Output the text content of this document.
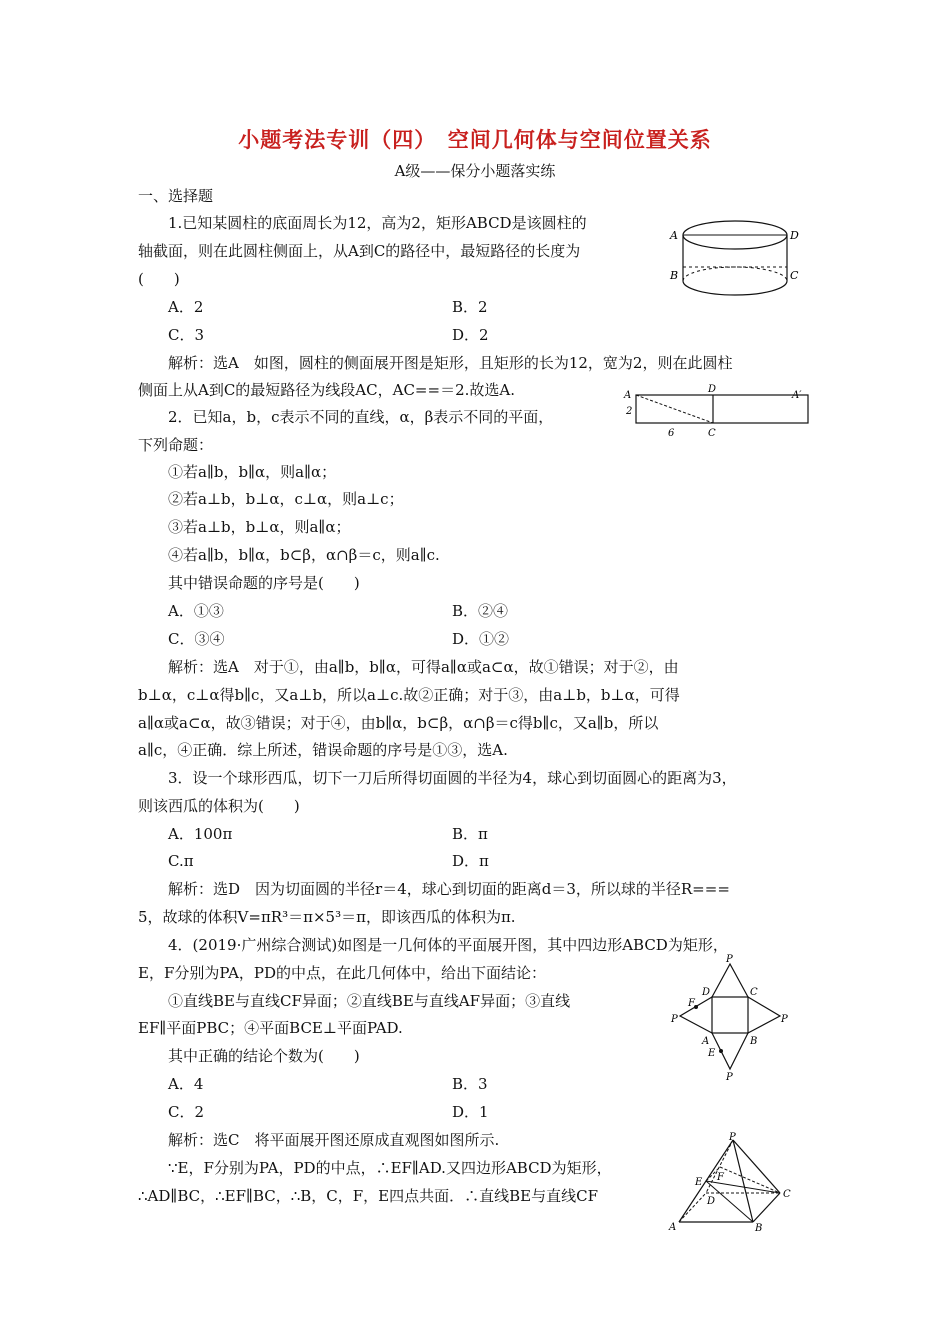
小题考法专训（四）　空间几何体与空间位置关系
A级——保分小题落实练
一、选择题
1.已知某圆柱的底面周长为12，高为2，矩形ABCD是该圆柱的
轴截面，则在此圆柱侧面上，从A到C的路径中，最短路径的长度为
(　　)
A．2	B．2
C．3	D．2
解析：选A　如图，圆柱的侧面展开图是矩形，且矩形的长为12，宽为2，则在此圆柱
侧面上从A到C的最短路径为线段AC，AC==＝2.故选A.
2．已知a，b，c表示不同的直线，α，β表示不同的平面，
下列命题：
①若a∥b，b∥α，则a∥α；
②若a⊥b，b⊥α，c⊥α，则a⊥c；
③若a⊥b，b⊥α，则a∥α；
④若a∥b，b∥α，b⊂β，α∩β＝c，则a∥c.
其中错误命题的序号是(　　)
A．①③	B．②④
C．③④	D．①②
解析：选A　对于①，由a∥b，b∥α，可得a∥α或a⊂α，故①错误；对于②，由
b⊥α，c⊥α得b∥c，又a⊥b，所以a⊥c.故②正确；对于③，由a⊥b，b⊥α，可得
a∥α或a⊂α，故③错误；对于④，由b∥α，b⊂β，α∩β＝c得b∥c，又a∥b，所以
a∥c，④正确．综上所述，错误命题的序号是①③，选A.
3．设一个球形西瓜，切下一刀后所得切面圆的半径为4，球心到切面圆心的距离为3，
则该西瓜的体积为(　　)
A．100π	B．π
C.π	D．π
解析：选D　因为切面圆的半径r＝4，球心到切面的距离d＝3，所以球的半径R===
5，故球的体积V=πR³＝π×5³＝π，即该西瓜的体积为π.
4．(2019·广州综合测试)如图是一几何体的平面展开图，其中四边形ABCD为矩形，
E，F分别为PA，PD的中点，在此几何体中，给出下面结论：
①直线BE与直线CF异面；②直线BE与直线AF异面；③直线
EF∥平面PBC；④平面BCE⊥平面PAD.
其中正确的结论个数为(　　)
A．4	B．3
C．2	D．1
解析：选C　将平面展开图还原成直观图如图所示.
∵E，F分别为PA，PD的中点，∴EF∥AD.又四边形ABCD为矩形，
∴AD∥BC，∴EF∥BC，∴B，C，F，E四点共面．∴直线BE与直线CF
A
B	C
D
A
D
A′
C
2
6
P
P	P
P
D	C
A	B
E
F
P
A	B
C
D
E F
